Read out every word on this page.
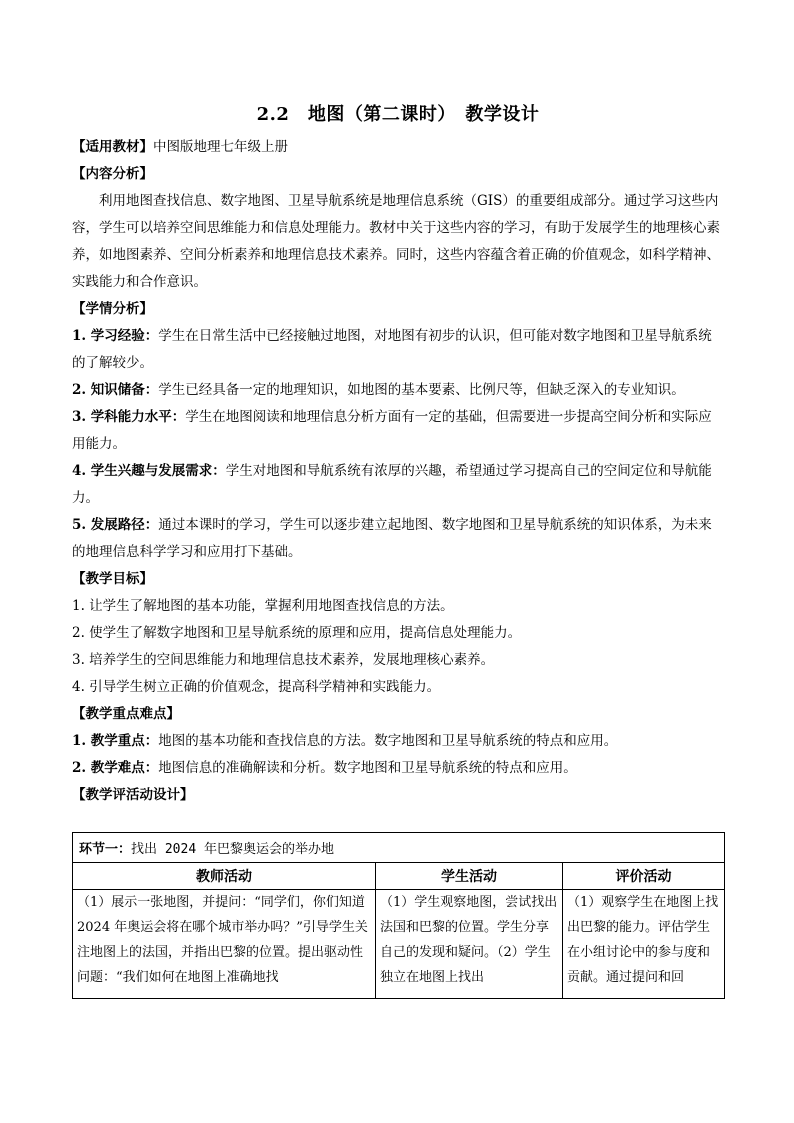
2.2　地图（第二课时）　教学设计

【适用教材】中图版地理七年级上册

【内容分析】

利用地图查找信息、数字地图、卫星导航系统是地理信息系统（GIS）的重要组成部分。通过学习这些内容，学生可以培养空间思维能力和信息处理能力。教材中关于这些内容的学习，有助于发展学生的地理核心素养，如地图素养、空间分析素养和地理信息技术素养。同时，这些内容蕴含着正确的价值观念，如科学精神、实践能力和合作意识。

【学情分析】

1. 学习经验：学生在日常生活中已经接触过地图，对地图有初步的认识，但可能对数字地图和卫星导航系统的了解较少。

2. 知识储备：学生已经具备一定的地理知识，如地图的基本要素、比例尺等，但缺乏深入的专业知识。

3. 学科能力水平：学生在地图阅读和地理信息分析方面有一定的基础，但需要进一步提高空间分析和实际应用能力。

4. 学生兴趣与发展需求：学生对地图和导航系统有浓厚的兴趣，希望通过学习提高自己的空间定位和导航能力。

5. 发展路径：通过本课时的学习，学生可以逐步建立起地图、数字地图和卫星导航系统的知识体系，为未来的地理信息科学学习和应用打下基础。

【教学目标】

1. 让学生了解地图的基本功能，掌握利用地图查找信息的方法。

2. 使学生了解数字地图和卫星导航系统的原理和应用，提高信息处理能力。

3. 培养学生的空间思维能力和地理信息技术素养，发展地理核心素养。

4. 引导学生树立正确的价值观念，提高科学精神和实践能力。

【教学重点难点】

1. 教学重点：地图的基本功能和查找信息的方法。数字地图和卫星导航系统的特点和应用。

2. 教学难点：地图信息的准确解读和分析。数字地图和卫星导航系统的特点和应用。

【教学评活动设计】

环节一：找出 2024 年巴黎奥运会的举办地		
教师活动	学生活动	评价活动

（1）展示一张地图，并提问：“同学们，你们知道 2024 年奥运会将在哪个城市举办吗？”引导学生关注地图上的法国，并指出巴黎的位置。提出驱动性问题：“我们如何在地图上准确地找	（1）学生观察地图，尝试找出法国和巴黎的位置。学生分享自己的发现和疑问。（2）学生独立在地图上找出	（1）观察学生在地图上找出巴黎的能力。评估学生在小组讨论中的参与度和贡献。通过提问和回
